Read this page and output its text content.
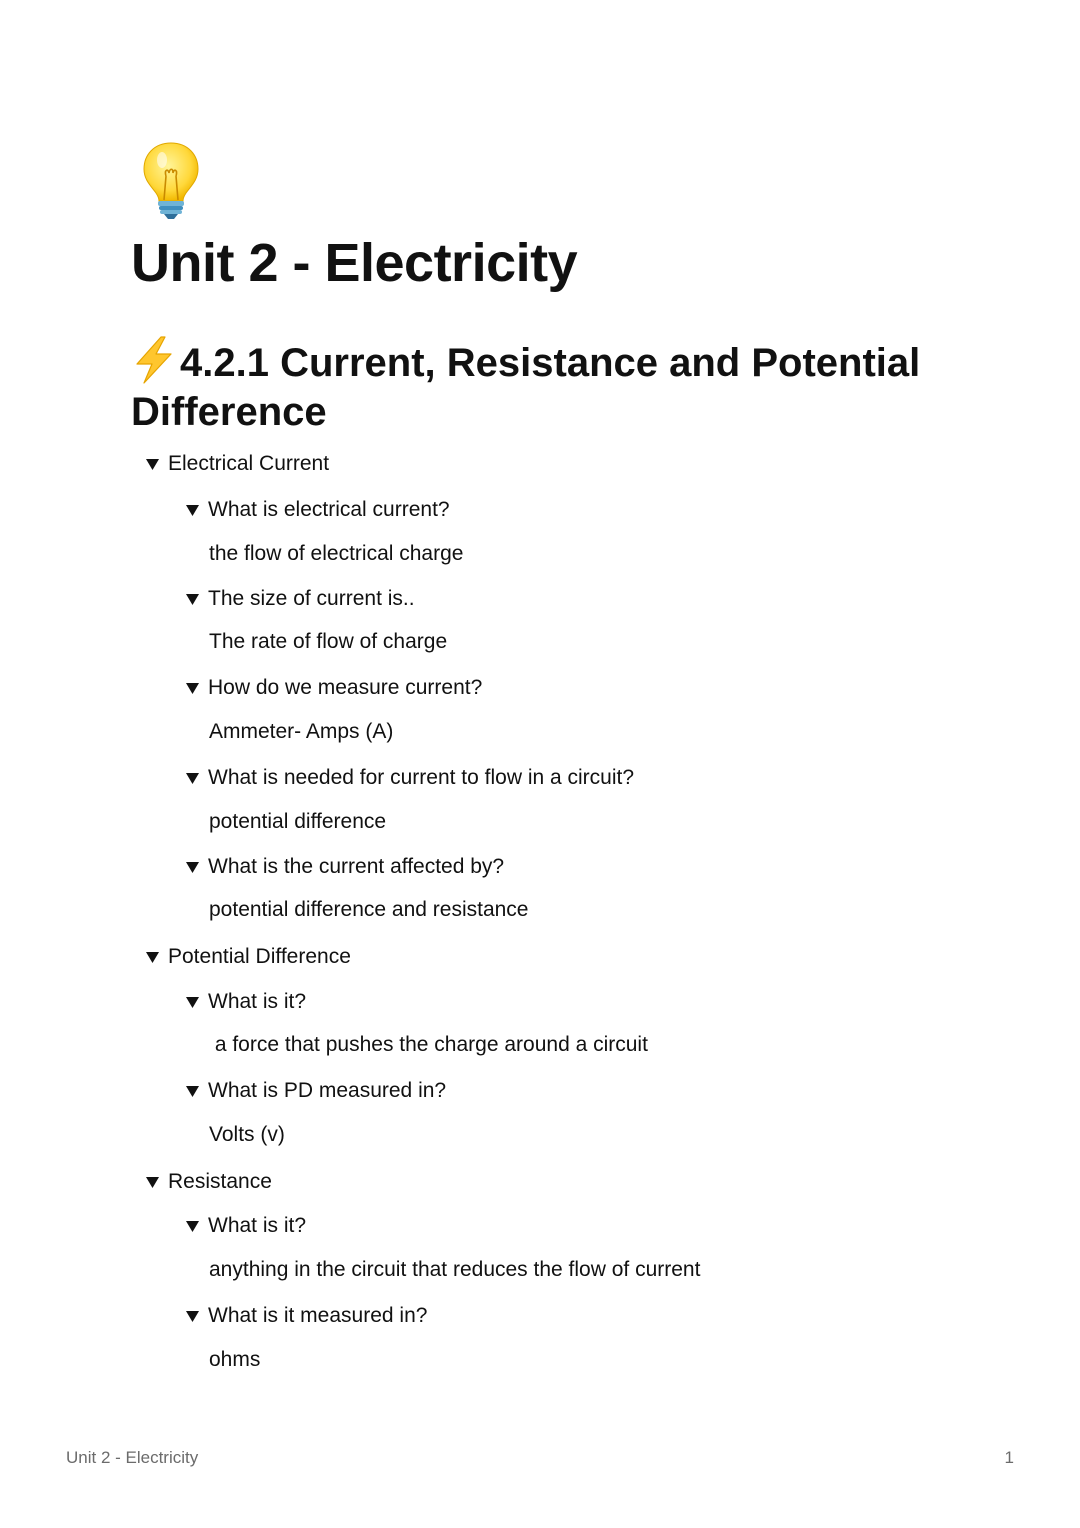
Unit 2 - Electricity
4.2.1 Current, Resistance and Potential Difference
Electrical Current
What is electrical current?
the flow of electrical charge
The size of current is..
The rate of flow of charge
How do we measure current?
Ammeter- Amps (A)
What is needed for current to flow in a circuit?
potential difference
What is the current affected by?
potential difference and resistance
Potential Difference
What is it?
a force that pushes the charge around a circuit
What is PD measured in?
Volts (v)
Resistance
What is it?
anything in the circuit that reduces the flow of current
What is it measured in?
ohms
Unit 2 - Electricity	1
